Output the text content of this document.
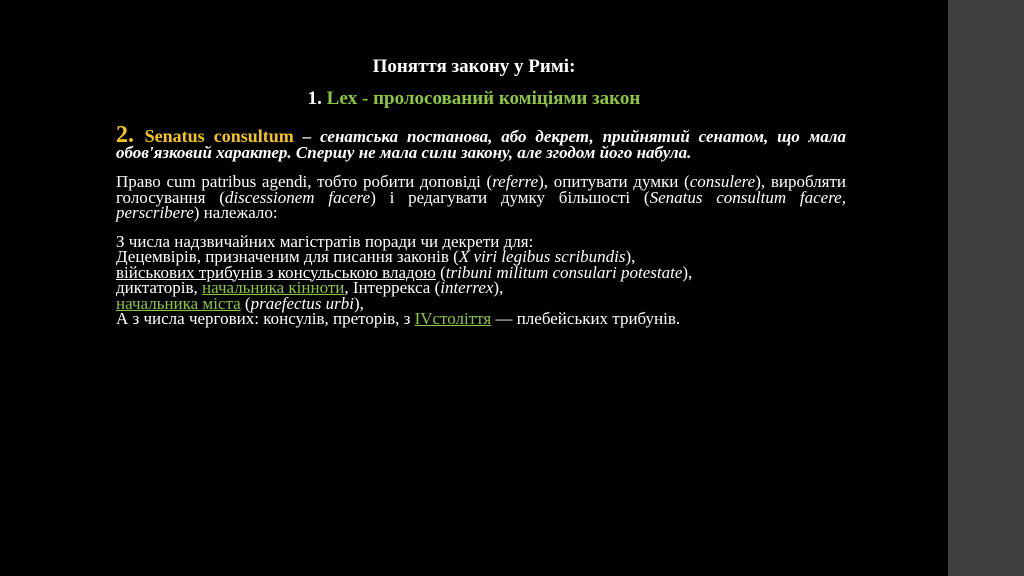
Поняття закону у Римі:
1. Lex - пролосований коміціями закон

2. Senatus consultum – сенатська постанова, або декрет, прийнятий сенатом, що мала обов'язковий характер. Спершу не мала сили закону, але згодом його набула.

Право cum patribus agendi, тобто робити доповіді (referre), опитувати думки (consulere), виробляти голосування (discessionem facere) і редагувати думку більшості (Senatus consultum facere, perscribere) належало:

З числа надзвичайних магістратів поради чи декрети для:
Децемвірів, призначеним для писання законів (X viri legibus scribundis),
військових трибунів з консульською владою (tribuni militum consulari potestate),
диктаторів, начальника кінноти, Інтеррекса (interrex),
начальника міста (praefectus urbi),
А з числа чергових: консулів, преторів, з IVстоліття — плебейських трибунів.
